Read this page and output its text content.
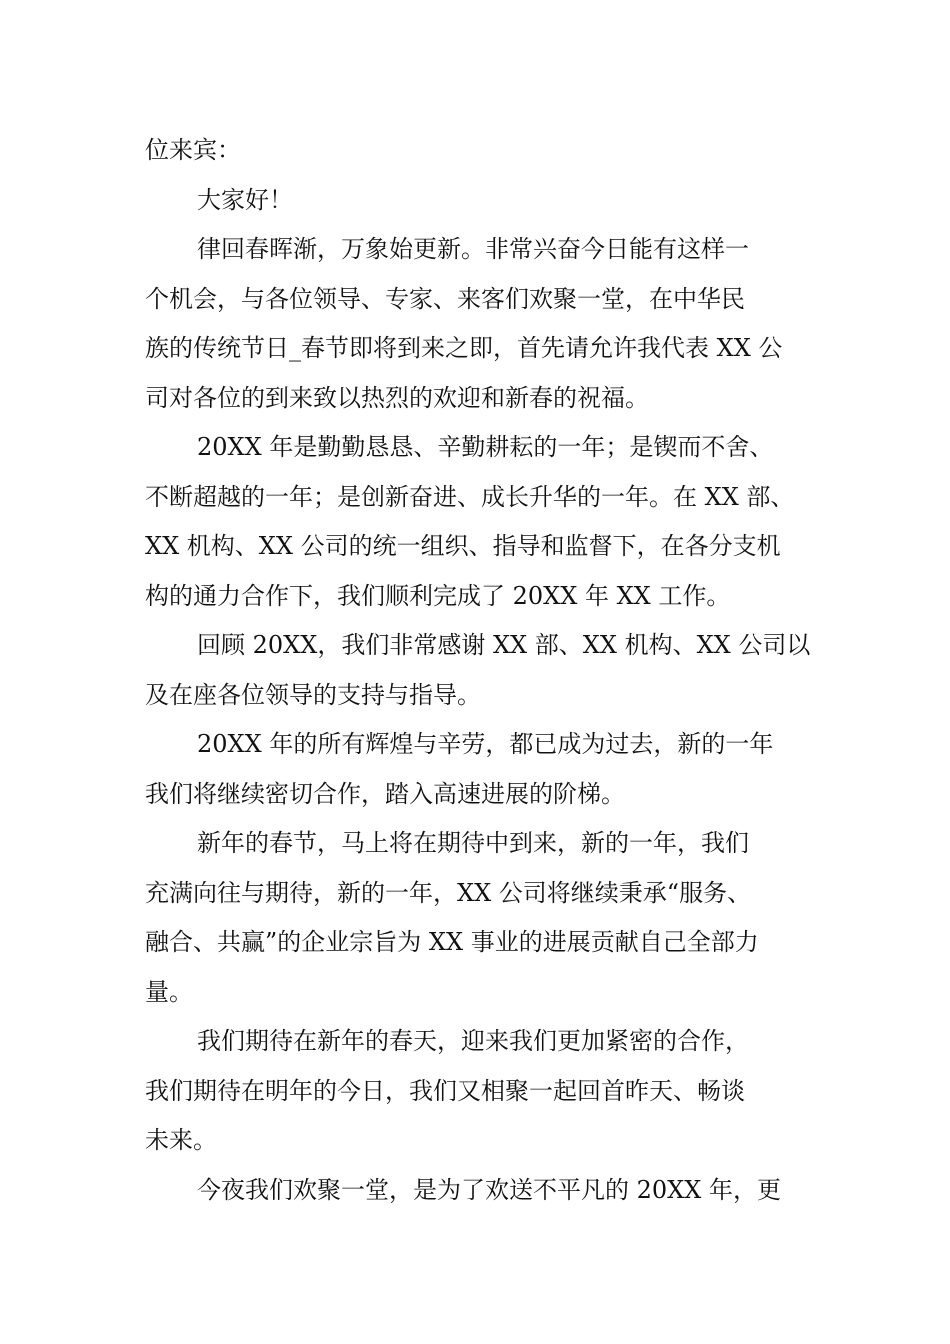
位来宾：
大家好！
律回春晖渐，万象始更新。非常兴奋今日能有这样一
个机会，与各位领导、专家、来客们欢聚一堂，在中华民
族的传统节日_春节即将到来之即，首先请允许我代表 XX 公
司对各位的到来致以热烈的欢迎和新春的祝福。
20XX 年是勤勤恳恳、辛勤耕耘的一年；是锲而不舍、
不断超越的一年；是创新奋进、成长升华的一年。在 XX 部、
XX 机构、XX 公司的统一组织、指导和监督下，在各分支机
构的通力合作下，我们顺利完成了 20XX 年 XX 工作。
回顾 20XX，我们非常感谢 XX 部、XX 机构、XX 公司以
及在座各位领导的支持与指导。
20XX 年的所有辉煌与辛劳，都已成为过去，新的一年
我们将继续密切合作，踏入高速进展的阶梯。
新年的春节，马上将在期待中到来，新的一年，我们
充满向往与期待，新的一年，XX 公司将继续秉承“服务、
融合、共赢”的企业宗旨为 XX 事业的进展贡献自己全部力
量。
我们期待在新年的春天，迎来我们更加紧密的合作，
我们期待在明年的今日，我们又相聚一起回首昨天、畅谈
未来。
今夜我们欢聚一堂，是为了欢送不平凡的 20XX 年，更
